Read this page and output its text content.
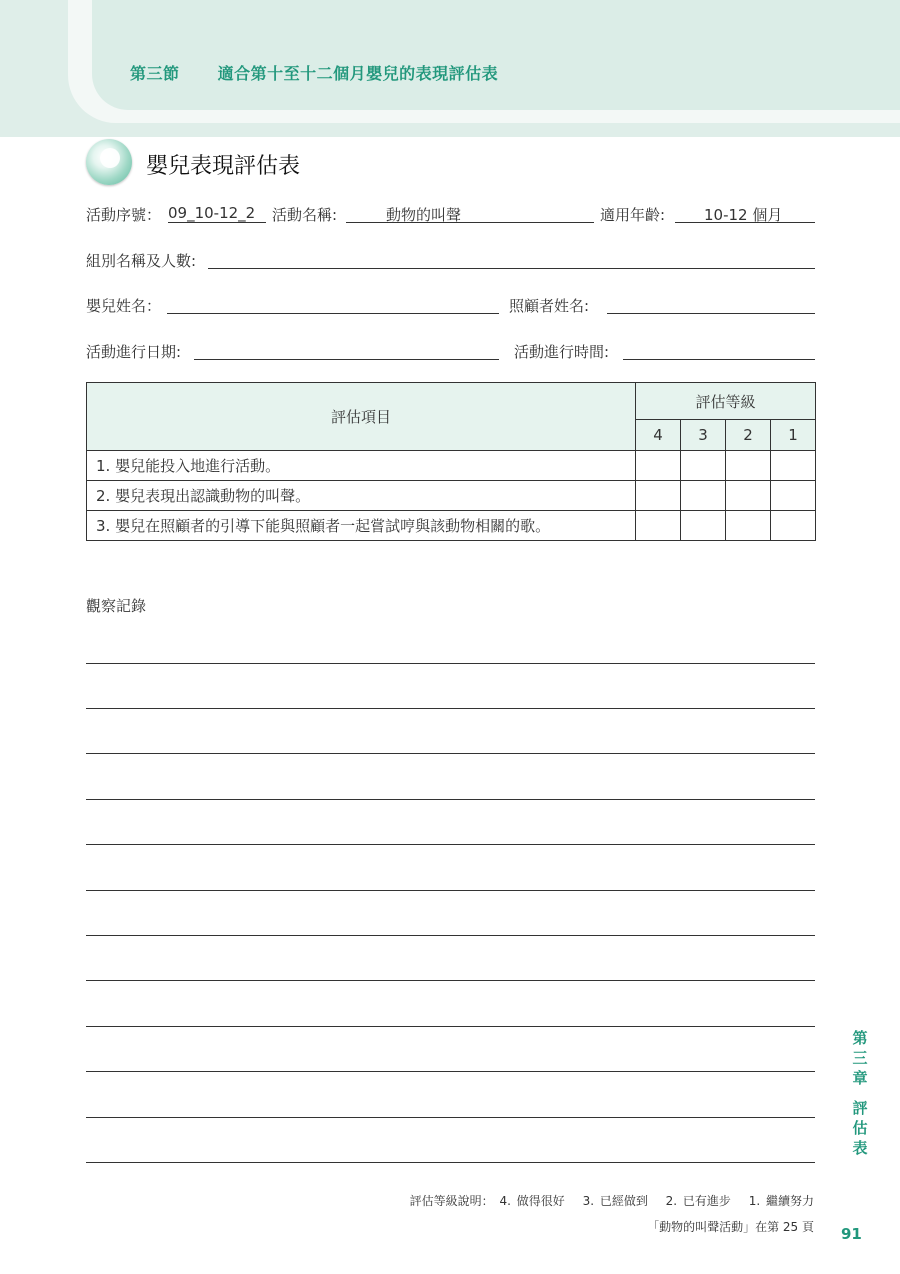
第三節 適合第十至十二個月嬰兒的表現評估表
嬰兒表現評估表
活動序號： 09_10-12_2	活動名稱:	動物的叫聲	適用年齡:	10-12 個月
組別名稱及人數:
嬰兒姓名：	照顧者姓名:
活動進行日期:	活動進行時間:
評估項目	評估等級			
	4	3	2	1
1. 嬰兒能投入地進行活動。				
2. 嬰兒表現出認識動物的叫聲。				
3. 嬰兒在照顧者的引導下能與照顧者一起嘗試哼與該動物相關的歌。				
觀察記錄
第
三
章
評
估
表
評估等級說明： 4. 做得很好　 3. 已經做到　 2. 已有進步　 1. 繼續努力
「動物的叫聲活動」在第 25 頁 91
